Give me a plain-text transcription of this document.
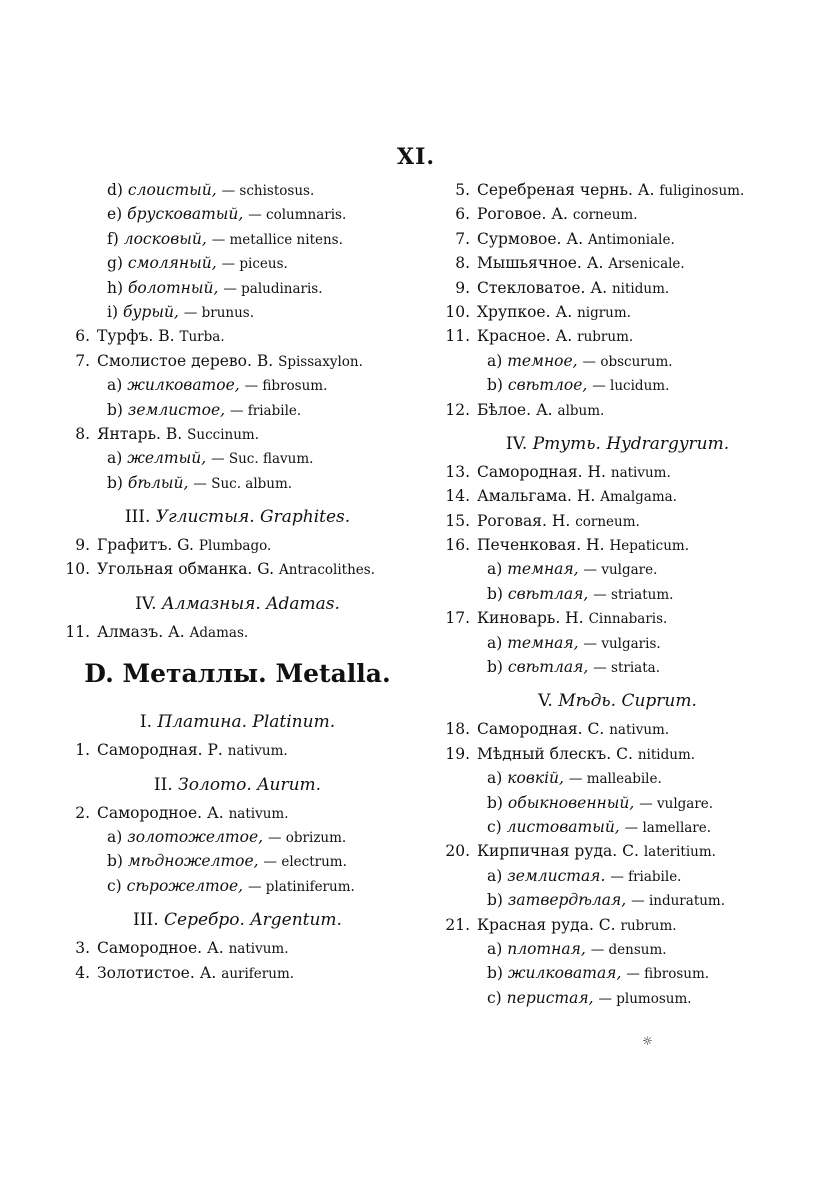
XI.
d) слоистый, — schistosus.
e) брусковатый, — columnaris.
f) лосковый, — metallice nitens.
g) смоляный, — piceus.
h) болотный, — paludinaris.
i) бурый, — brunus.
6. Турфъ. В. Turba.
7. Смолистое дерево. В. Spissaxylon.
a) жилковатое, — fibrosum.
b) землистое, — friabile.
8. Янтарь. В. Succinum.
a) желтый, — Suc. flavum.
b) бѣлый, — Suc. album.
III. Углистыя. Graphites.
9. Графитъ. G. Plumbago.
10. Угольная обманка. G. Antracolithes.
IV. Алмазныя. Adamas.
11. Алмазъ. А. Adamas.
D. Металлы. Metalla.
I. Платина. Platinum.
1. Самородная. Р. nativum.
II. Золото. Aurum.
2. Самородное. А. nativum.
a) золотожелтое, — obrizum.
b) мѣдножелтое, — electrum.
c) сѣрожелтое, — platiniferum.
III. Серебро. Argentum.
3. Самородное. А. nativum.
4. Золотистое. А. auriferum.
5. Серебреная чернь. А. fuliginosum.
6. Роговое. А. corneum.
7. Сурмовое. А. Antimoniale.
8. Мышьячное. А. Arsenicale.
9. Стекловатое. А. nitidum.
10. Хрупкое. А. nigrum.
11. Красное. А. rubrum.
a) темное, — obscurum.
b) свѣтлое, — lucidum.
12. Бѣлое. А. album.
IV. Ртуть. Hydrargyrum.
13. Самородная. Н. nativum.
14. Амальгама. Н. Amalgama.
15. Роговая. Н. corneum.
16. Печенковая. Н. Hepaticum.
a) темная, — vulgare.
b) свѣтлая, — striatum.
17. Киноварь. Н. Cinnabaris.
a) темная, — vulgaris.
b) свѣтлая, — striata.
V. Мѣдь. Cuprum.
18. Самородная. С. nativum.
19. Мѣдный блескъ. С. nitidum.
a) ковкій, — malleabile.
b) обыкновенный, — vulgare.
c) листоватый, — lamellare.
20. Кирпичная руда. С. lateritium.
a) землистая. — friabile.
b) затвердѣлая, — induratum.
21. Красная руда. С. rubrum.
a) плотная, — densum.
b) жилковатая, — fibrosum.
c) перистая, — plumosum.
☼
